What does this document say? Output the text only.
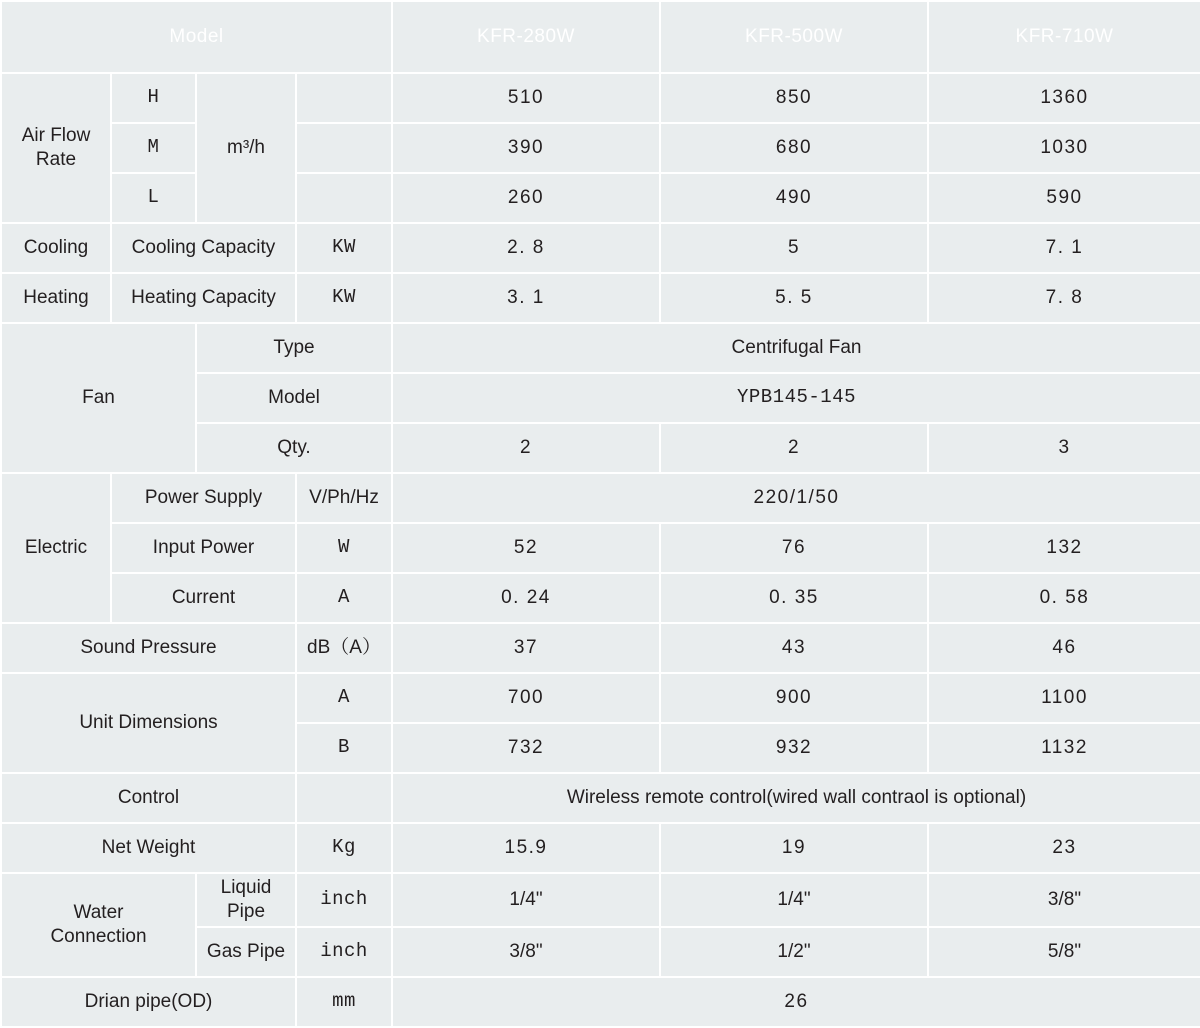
Model				KFR-280W	KFR-500W	KFR-710W
Air Flow Rate	H	m³/h		510	850	1360
	M			390	680	1030
	L			260	490	590
Cooling	Cooling Capacity		KW	2. 8	5	7. 1
Heating	Heating Capacity		KW	3. 1	5. 5	7. 8
Fan		Type		Centrifugal Fan		
		Model		YPB145-145		
		Qty.		2	2	3
Electric	Power Supply		V/Ph/Hz	220/1/50		
	Input Power		W	52	76	132
	Current		A	0. 24	0. 35	0. 58
Sound Pressure			dB（A）	37	43	46
Unit Dimensions			A	700	900	1100
			B	732	932	1132
Control				Wireless remote control(wired wall contraol is optional)		
Net Weight			Kg	15.9	19	23
Water
Connection		Liquid Pipe	inch	1/4"	1/4"	3/8"
		Gas Pipe	inch	3/8"	1/2"	5/8"
Drian pipe(OD)			mm	26		
